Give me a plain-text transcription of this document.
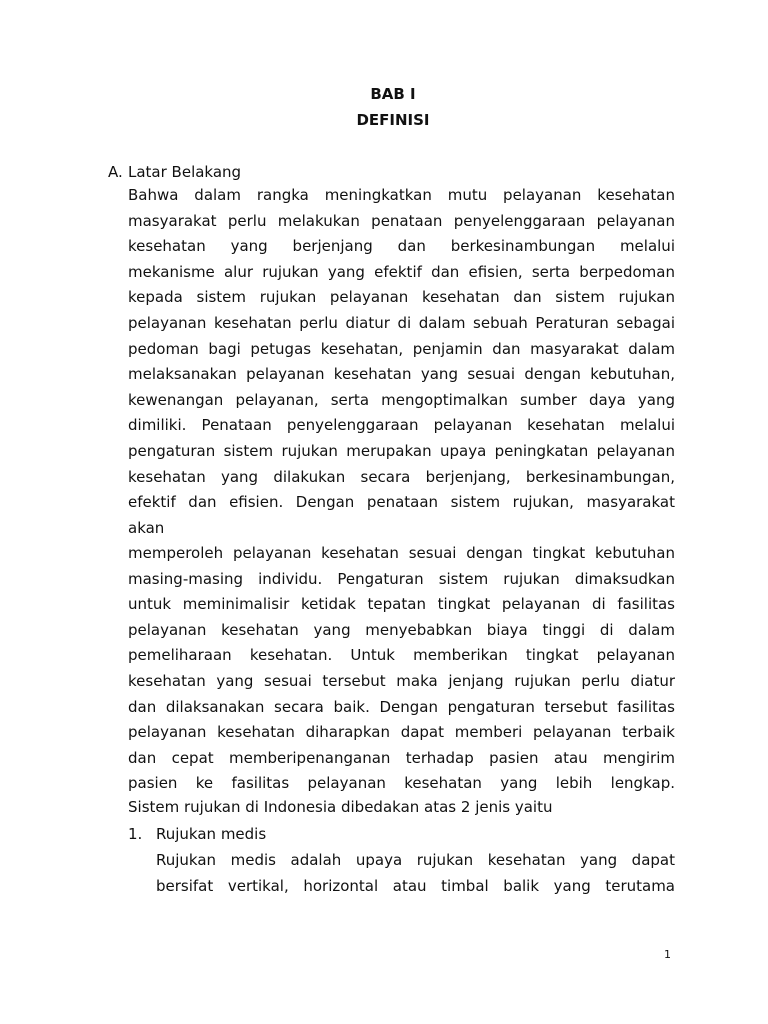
BAB I
DEFINISI
A. Latar Belakang
Bahwa dalam rangka meningkatkan mutu pelayanan kesehatan
masyarakat perlu melakukan penataan penyelenggaraan pelayanan
kesehatan yang berjenjang dan berkesinambungan melalui
mekanisme alur rujukan yang efektif dan efisien, serta berpedoman
kepada sistem rujukan pelayanan kesehatan dan sistem rujukan
pelayanan kesehatan perlu diatur di dalam sebuah Peraturan sebagai
pedoman bagi petugas kesehatan, penjamin dan masyarakat dalam
melaksanakan pelayanan kesehatan yang sesuai dengan kebutuhan,
kewenangan pelayanan, serta mengoptimalkan sumber daya yang
dimiliki. Penataan penyelenggaraan pelayanan kesehatan melalui
pengaturan sistem rujukan merupakan upaya peningkatan pelayanan
kesehatan yang dilakukan secara berjenjang, berkesinambungan,
efektif dan efisien. Dengan penataan sistem rujukan, masyarakat
akan
memperoleh pelayanan kesehatan sesuai dengan tingkat kebutuhan
masing-masing individu. Pengaturan sistem rujukan dimaksudkan
untuk meminimalisir ketidak tepatan tingkat pelayanan di fasilitas
pelayanan kesehatan yang menyebabkan biaya tinggi di dalam
pemeliharaan kesehatan. Untuk memberikan tingkat pelayanan
kesehatan yang sesuai tersebut maka jenjang rujukan perlu diatur
dan dilaksanakan secara baik. Dengan pengaturan tersebut fasilitas
pelayanan kesehatan diharapkan dapat memberi pelayanan terbaik
dan cepat memberipenanganan terhadap pasien atau mengirim
pasien ke fasilitas pelayanan kesehatan yang lebih lengkap.
Sistem rujukan di Indonesia dibedakan atas 2 jenis yaitu
1. Rujukan medis
Rujukan medis adalah upaya rujukan kesehatan yang dapat
bersifat vertikal, horizontal atau timbal balik yang terutama
1
